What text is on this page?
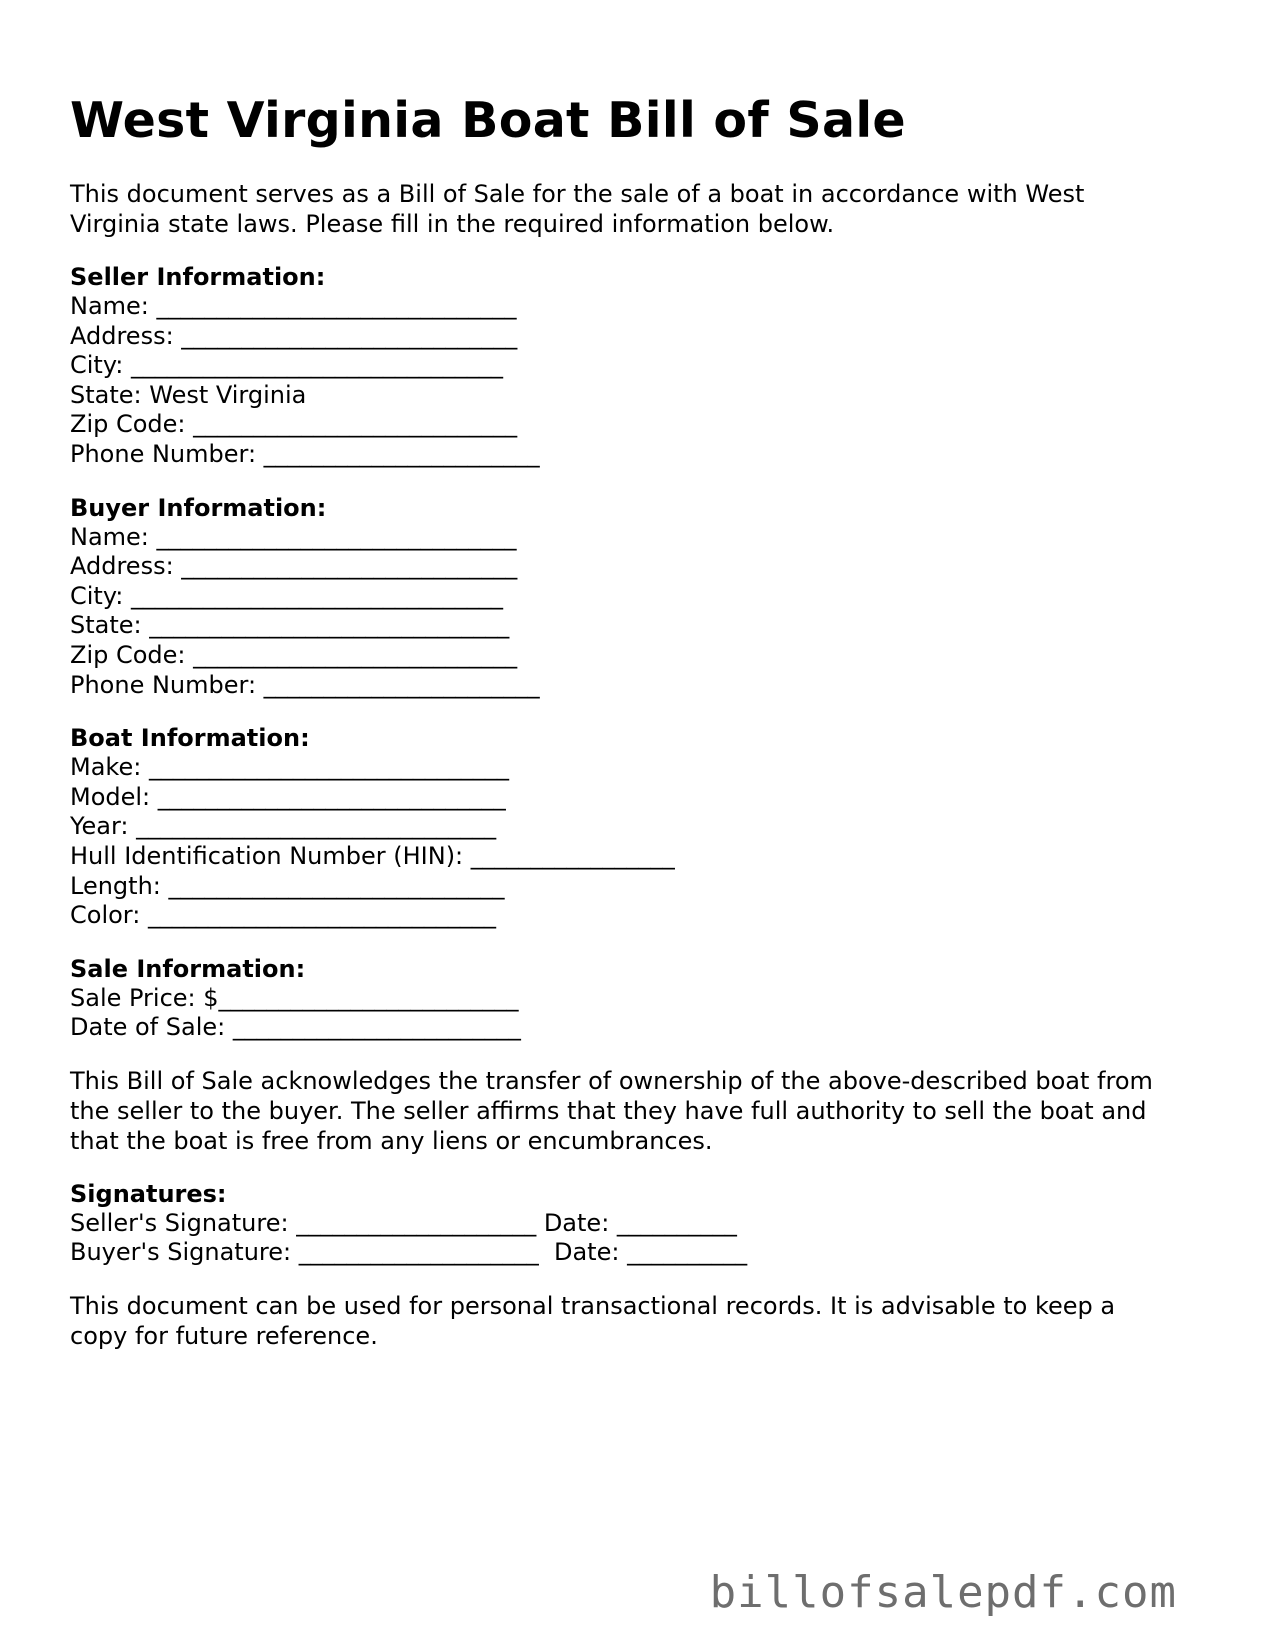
West Virginia Boat Bill of Sale

This document serves as a Bill of Sale for the sale of a boat in accordance with West Virginia state laws. Please fill in the required information below.

Seller Information:
Name: ______________________________
Address: ____________________________
City: _______________________________
State: West Virginia
Zip Code: ___________________________
Phone Number: _______________________
Buyer Information:
Name: ______________________________
Address: ____________________________
City: _______________________________
State: ______________________________
Zip Code: ___________________________
Phone Number: _______________________
Boat Information:
Make: ______________________________
Model: _____________________________
Year: ______________________________
Hull Identification Number (HIN): _________________
Length: ____________________________
Color: _____________________________
Sale Information:
Sale Price: $_________________________
Date of Sale: ________________________

This Bill of Sale acknowledges the transfer of ownership of the above-described boat from the seller to the buyer. The seller affirms that they have full authority to sell the boat and that the boat is free from any liens or encumbrances.

Signatures:
Seller's Signature: ____________________ Date: __________
Buyer's Signature: ____________________  Date: __________

This document can be used for personal transactional records. It is advisable to keep a copy for future reference.

billofsalepdf.com
